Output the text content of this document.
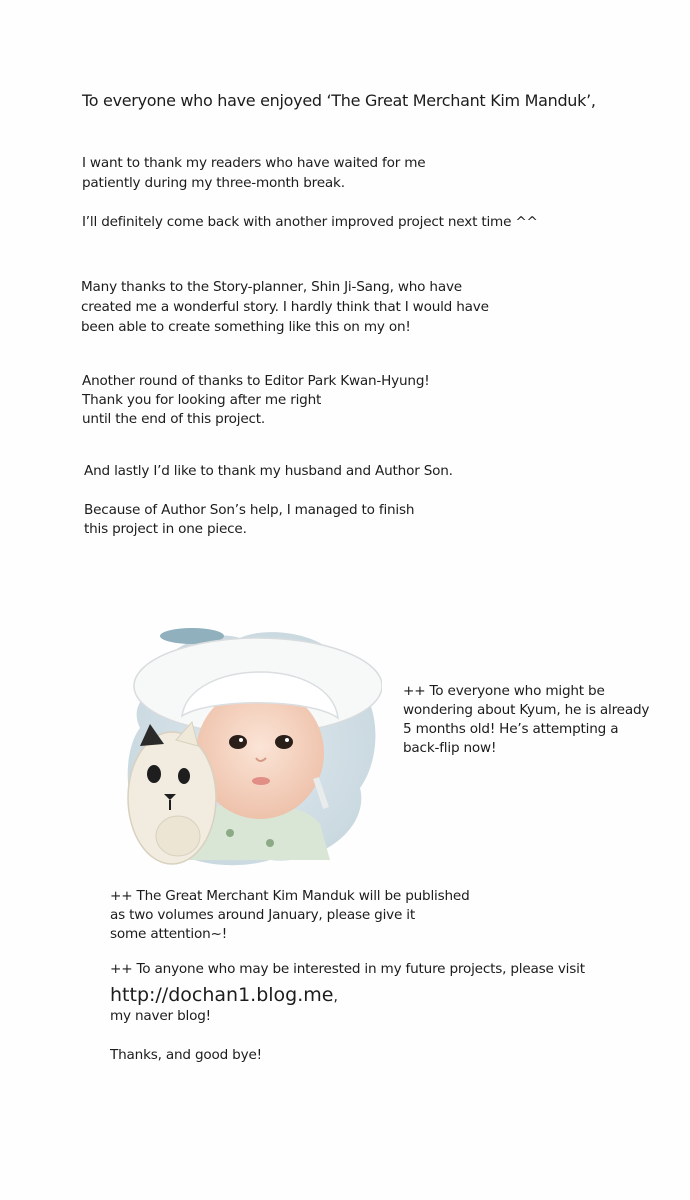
To everyone who have enjoyed ‘The Great Merchant Kim Manduk’,

I want to thank my readers who have waited for me

patiently during my three-month break.

I’ll definitely come back with another improved project next time ^^

Many thanks to the Story-planner, Shin Ji-Sang, who have

created me a wonderful story. I hardly think that I would have

been able to create something like this on my on!

Another round of thanks to Editor Park Kwan-Hyung!

Thank you for looking after me right

until the end of this project.

And lastly I’d like to thank my husband and Author Son.

Because of Author Son’s help, I managed to finish

this project in one piece.

++ To everyone who might be

wondering about Kyum, he is already

5 months old! He’s attempting a

back-flip now!

++ The Great Merchant Kim Manduk will be published

as two volumes around January, please give it

some attention~!

++ To anyone who may be interested in my future projects, please visit

http://dochan1.blog.me,

my naver blog!

Thanks, and good bye!
